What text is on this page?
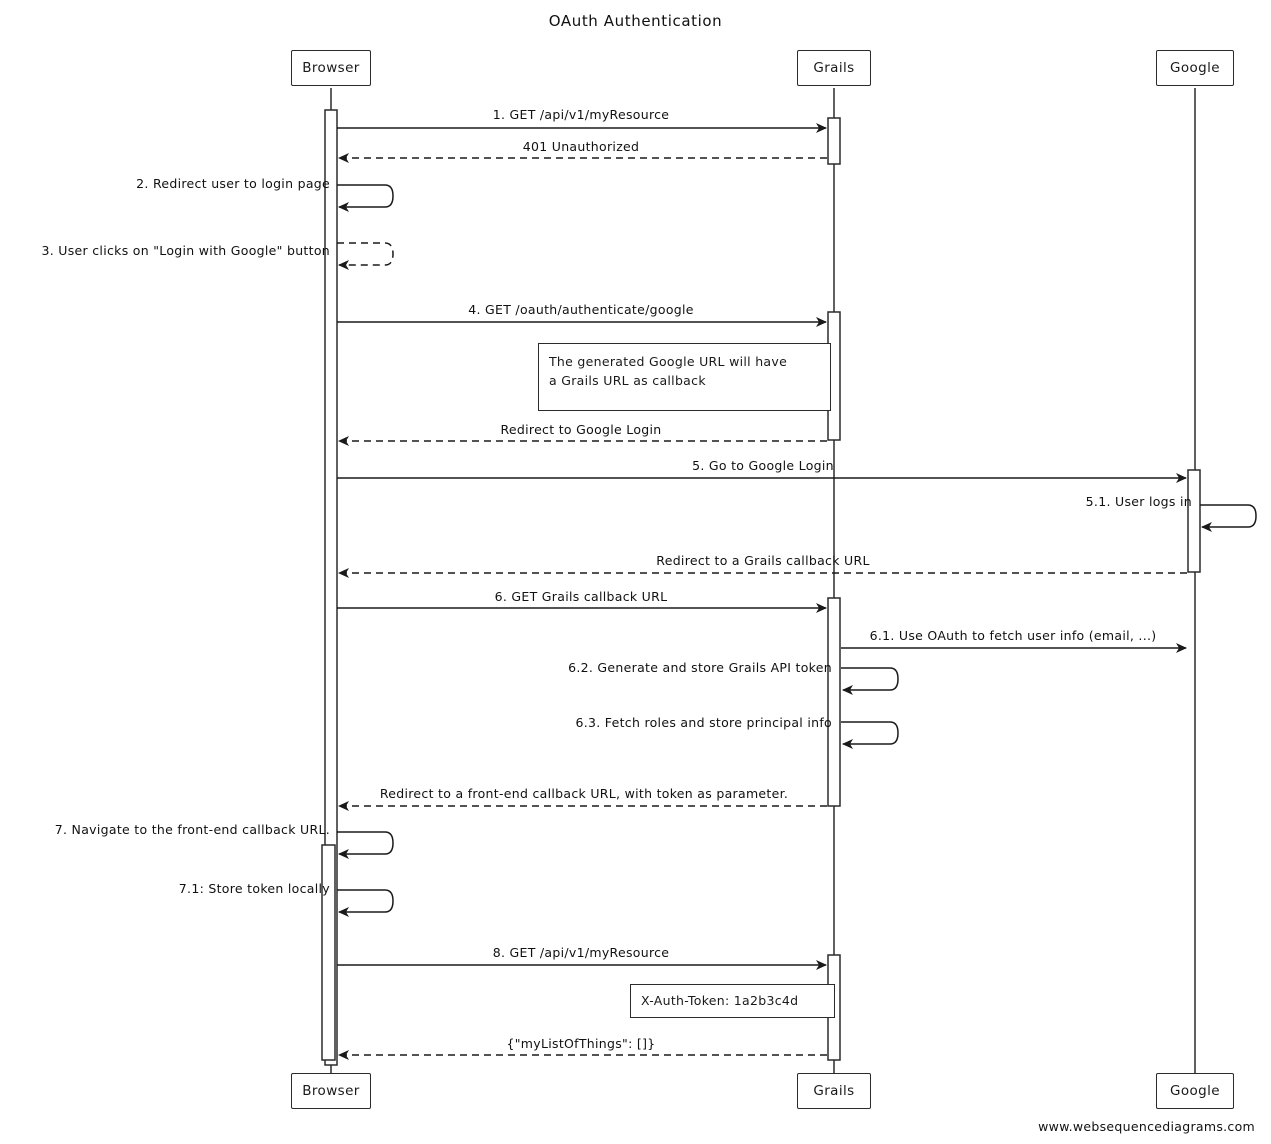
OAuth Authentication
Browser	Grails	Google
Browser	Grails	Google
1. GET /api/v1/myResource
401 Unauthorized
2. Redirect user to login page
3. User clicks on "Login with Google" button
4. GET /oauth/authenticate/google
Redirect to Google Login
5. Go to Google Login
5.1. User logs in
Redirect to a Grails callback URL
6. GET Grails callback URL
6.1. Use OAuth to fetch user info (email, ...)
6.2. Generate and store Grails API token
6.3. Fetch roles and store principal info
Redirect to a front-end callback URL, with token as parameter.
7. Navigate to the front-end callback URL.
7.1: Store token locally
8. GET /api/v1/myResource
{"myListOfThings": []}
The generated Google URL will have
a Grails URL as callback
X-Auth-Token: 1a2b3c4d
www.websequencediagrams.com
